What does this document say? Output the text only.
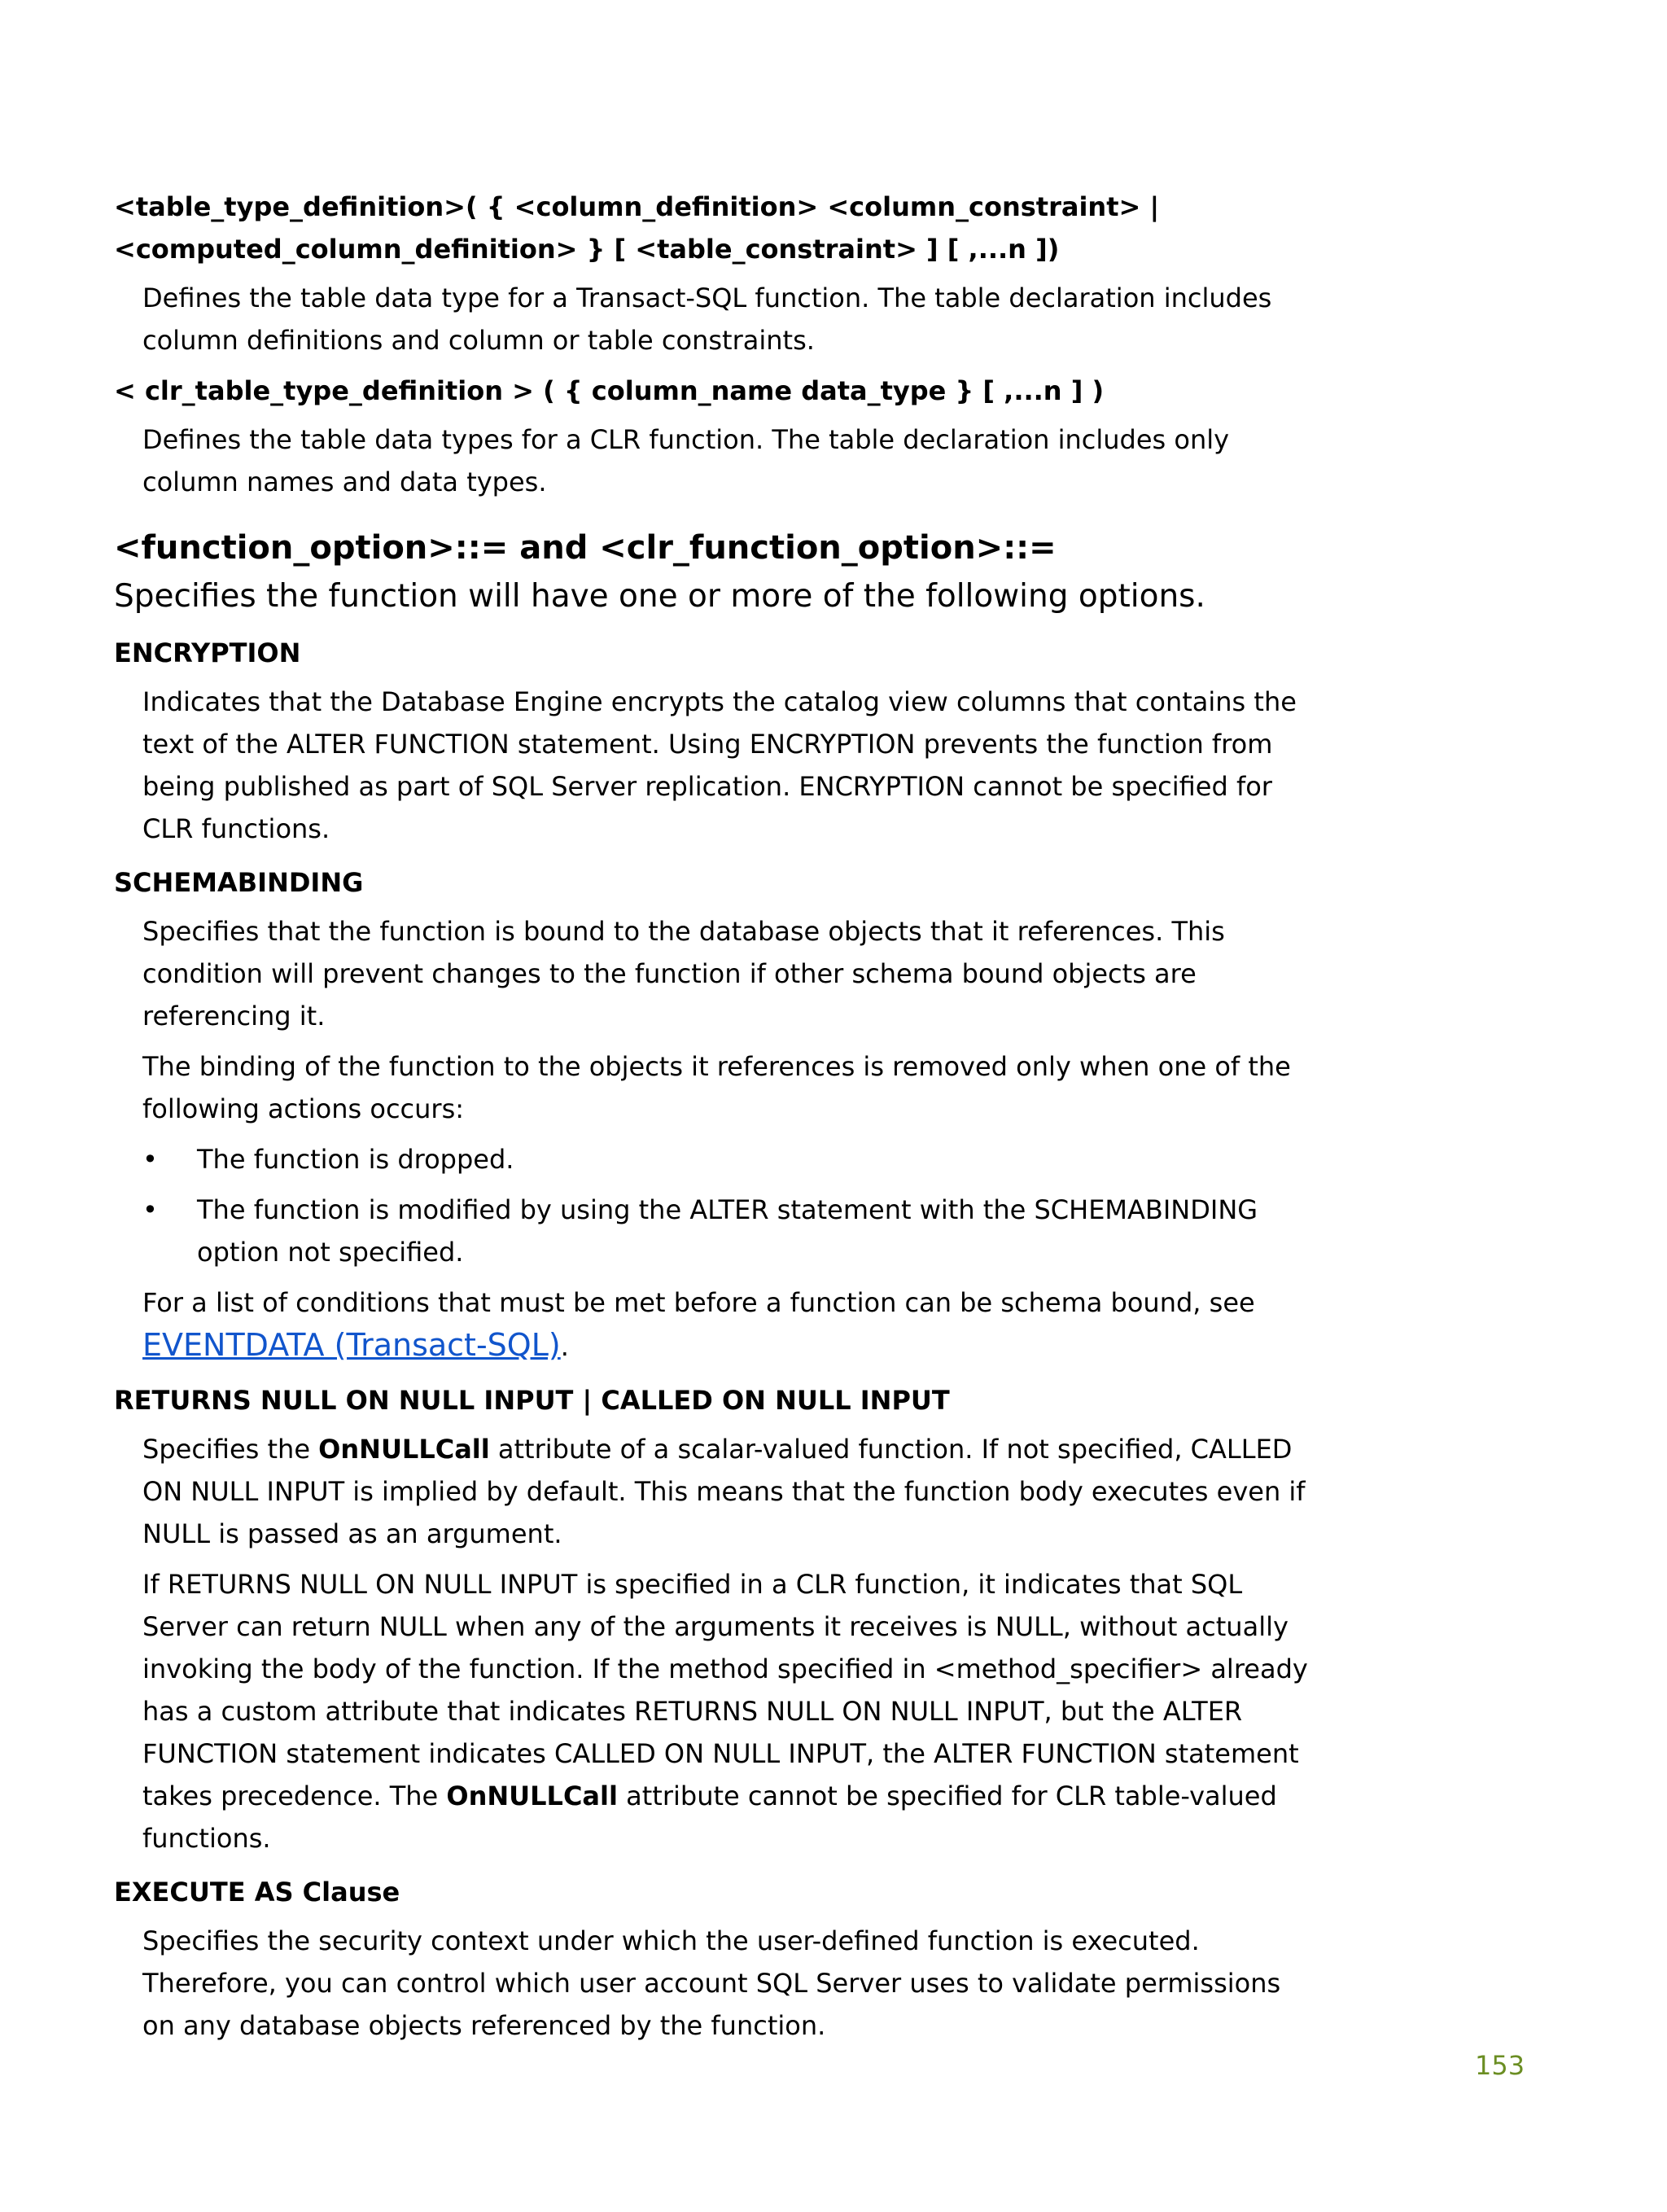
<table_type_definition>( { <column_definition> <column_constraint> |
<computed_column_definition> } [ <table_constraint> ] [ ,...n ])

Defines the table data type for a Transact-SQL function. The table declaration includes column definitions and column or table constraints.

< clr_table_type_definition > ( { column_name data_type } [ ,...n ] )

Defines the table data types for a CLR function. The table declaration includes only column names and data types.

<function_option>::= and <clr_function_option>::=
Specifies the function will have one or more of the following options.
ENCRYPTION

Indicates that the Database Engine encrypts the catalog view columns that contains the text of the ALTER FUNCTION statement. Using ENCRYPTION prevents the function from being published as part of SQL Server replication. ENCRYPTION cannot be specified for CLR functions.

SCHEMABINDING

Specifies that the function is bound to the database objects that it references. This condition will prevent changes to the function if other schema bound objects are referencing it.

The binding of the function to the objects it references is removed only when one of the following actions occurs:

•	The function is dropped.
•	The function is modified by using the ALTER statement with the SCHEMABINDING option not specified.

For a list of conditions that must be met before a function can be schema bound, see
EVENTDATA (Transact-SQL).

RETURNS NULL ON NULL INPUT | CALLED ON NULL INPUT

Specifies the OnNULLCall attribute of a scalar-valued function. If not specified, CALLED ON NULL INPUT is implied by default. This means that the function body executes even if NULL is passed as an argument.

If RETURNS NULL ON NULL INPUT is specified in a CLR function, it indicates that SQL Server can return NULL when any of the arguments it receives is NULL, without actually invoking the body of the function. If the method specified in <method_specifier> already has a custom attribute that indicates RETURNS NULL ON NULL INPUT, but the ALTER FUNCTION statement indicates CALLED ON NULL INPUT, the ALTER FUNCTION statement takes precedence. The OnNULLCall attribute cannot be specified for CLR table-valued functions.

EXECUTE AS Clause

Specifies the security context under which the user-defined function is executed. Therefore, you can control which user account SQL Server uses to validate permissions on any database objects referenced by the function.

153
